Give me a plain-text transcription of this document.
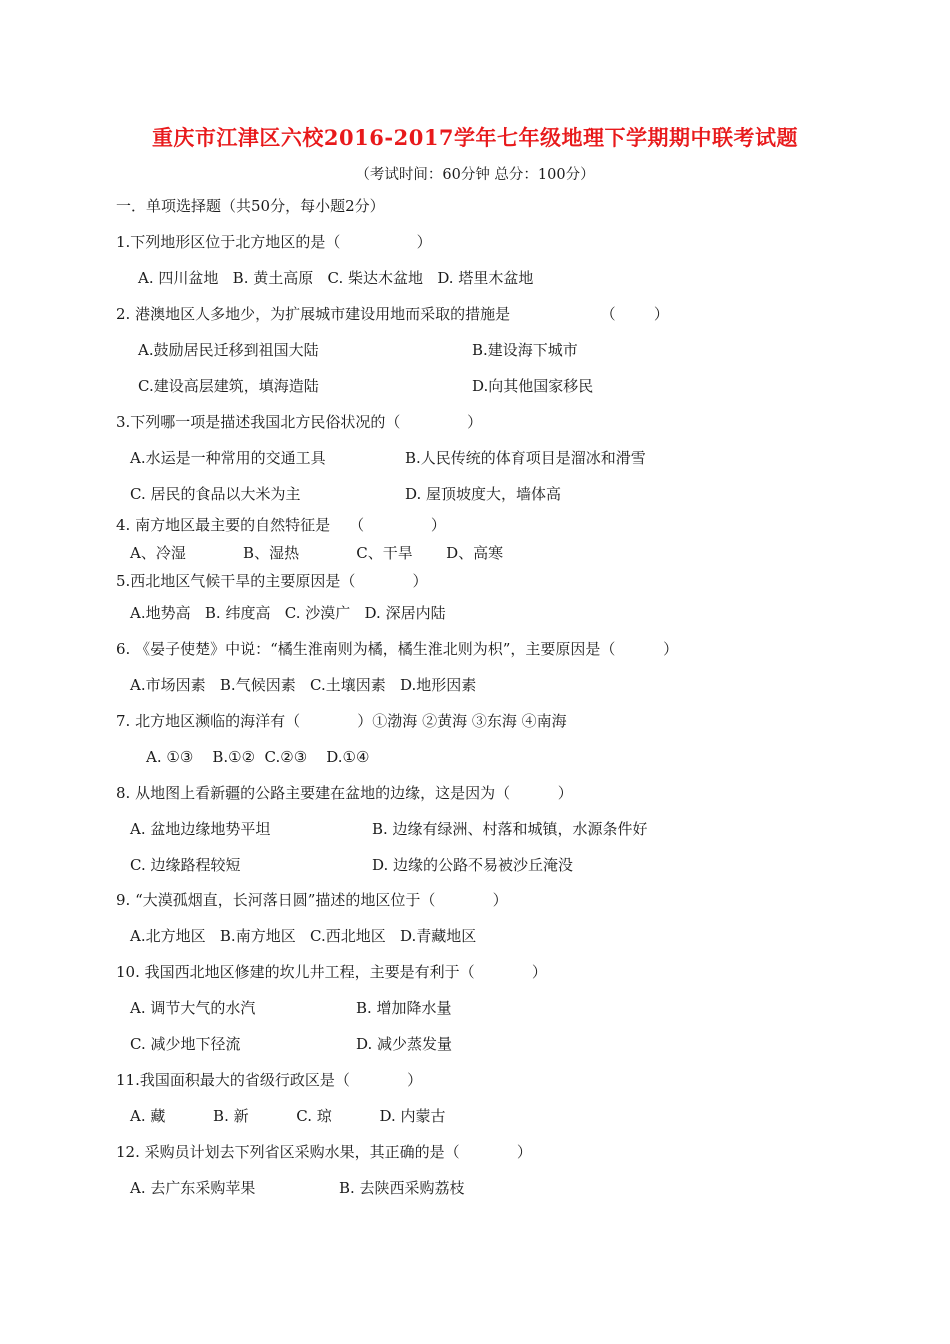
重庆市江津区六校2016-2017学年七年级地理下学期期中联考试题
（考试时间：60分钟 总分：100分）
一．单项选择题（共50分，每小题2分）
1.下列地形区位于北方地区的是（                ）
A. 四川盆地   B. 黄土高原   C. 柴达木盆地   D. 塔里木盆地
2. 港澳地区人多地少，为扩展城市建设用地而采取的措施是                   （        ）
A.鼓励居民迁移到祖国大陆	B.建设海下城市
C.建设高层建筑，填海造陆	D.向其他国家移民
3.下列哪一项是描述我国北方民俗状况的（              ）
A.水运是一种常用的交通工具	B.人民传统的体育项目是溜冰和滑雪
C. 居民的食品以大米为主	D. 屋顶坡度大，墙体高
4. 南方地区最主要的自然特征是    （              ）
A、冷湿            B、湿热            C、干旱       D、高寒
5.西北地区气候干旱的主要原因是（            ）
A.地势高   B. 纬度高   C. 沙漠广   D. 深居内陆
6. 《晏子使楚》中说：“橘生淮南则为橘，橘生淮北则为枳”，主要原因是（          ）
A.市场因素   B.气候因素   C.土壤因素   D.地形因素
7. 北方地区濒临的海洋有（            ）①渤海 ②黄海 ③东海 ④南海
A. ①③    B.①②  C.②③    D.①④
8. 从地图上看新疆的公路主要建在盆地的边缘，这是因为（          ）
A. 盆地边缘地势平坦	B. 边缘有绿洲、村落和城镇，水源条件好
C. 边缘路程较短	D. 边缘的公路不易被沙丘淹没
9. “大漠孤烟直，长河落日圆”描述的地区位于（            ）
A.北方地区   B.南方地区   C.西北地区   D.青藏地区
10. 我国西北地区修建的坎儿井工程，主要是有利于（            ）
A. 调节大气的水汽	B. 增加降水量
C. 减少地下径流	D. 减少蒸发量
11.我国面积最大的省级行政区是（            ）
A. 藏          B. 新          C. 琼          D. 内蒙古
12. 采购员计划去下列省区采购水果，其正确的是（            ）
A. 去广东采购苹果	B. 去陕西采购荔枝
